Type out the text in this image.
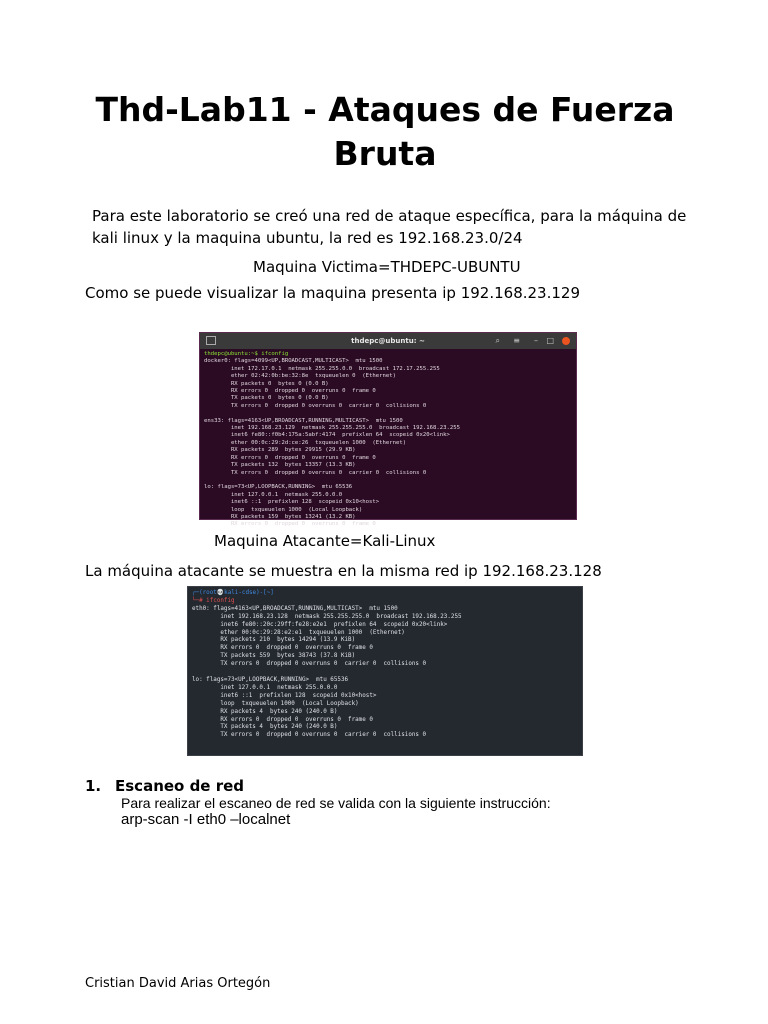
Thd-Lab11 - Ataques de Fuerza Bruta
Para este laboratorio se creó una red de ataque específica, para la máquina de kali linux y la maquina ubuntu, la red es 192.168.23.0/24
Maquina Victima=THDEPC-UBUNTU
Como se puede visualizar la maquina presenta ip 192.168.23.129
thdepc@ubuntu: ~	⌕ ≡ – □
thdepc@ubuntu:~$ ifconfig
docker0: flags=4099<UP,BROADCAST,MULTICAST>  mtu 1500
inet 172.17.0.1  netmask 255.255.0.0  broadcast 172.17.255.255
ether 02:42:0b:be:32:8e  txqueuelen 0  (Ethernet)
RX packets 0  bytes 0 (0.0 B)
RX errors 0  dropped 0  overruns 0  frame 0
TX packets 0  bytes 0 (0.0 B)
TX errors 0  dropped 0 overruns 0  carrier 0  collisions 0

ens33: flags=4163<UP,BROADCAST,RUNNING,MULTICAST>  mtu 1500
inet 192.168.23.129  netmask 255.255.255.0  broadcast 192.168.23.255
inet6 fe80::f0b4:175a:5abf:4174  prefixlen 64  scopeid 0x20<link>
ether 00:0c:29:2d:ce:26  txqueuelen 1000  (Ethernet)
RX packets 289  bytes 29915 (29.9 KB)
RX errors 0  dropped 0  overruns 0  frame 0
TX packets 132  bytes 13357 (13.3 KB)
TX errors 0  dropped 0 overruns 0  carrier 0  collisions 0

lo: flags=73<UP,LOOPBACK,RUNNING>  mtu 65536
inet 127.0.0.1  netmask 255.0.0.0
inet6 ::1  prefixlen 128  scopeid 0x10<host>
loop  txqueuelen 1000  (Local Loopback)
RX packets 159  bytes 13241 (13.2 KB)
RX errors 0  dropped 0  overruns 0  frame 0
Maquina Atacante=Kali-Linux
La máquina atacante se muestra en la misma red ip 192.168.23.128
┌─(root💀kali-cdse)-[~]
└─# ifconfig
eth0: flags=4163<UP,BROADCAST,RUNNING,MULTICAST>  mtu 1500
inet 192.168.23.128  netmask 255.255.255.0  broadcast 192.168.23.255
inet6 fe80::20c:29ff:fe28:e2e1  prefixlen 64  scopeid 0x20<link>
ether 00:0c:29:28:e2:e1  txqueuelen 1000  (Ethernet)
RX packets 210  bytes 14294 (13.9 KiB)
RX errors 0  dropped 0  overruns 0  frame 0
TX packets 559  bytes 38743 (37.8 KiB)
TX errors 0  dropped 0 overruns 0  carrier 0  collisions 0

lo: flags=73<UP,LOOPBACK,RUNNING>  mtu 65536
inet 127.0.0.1  netmask 255.0.0.0
inet6 ::1  prefixlen 128  scopeid 0x10<host>
loop  txqueuelen 1000  (Local Loopback)
RX packets 4  bytes 240 (240.0 B)
RX errors 0  dropped 0  overruns 0  frame 0
TX packets 4  bytes 240 (240.0 B)
TX errors 0  dropped 0 overruns 0  carrier 0  collisions 0
1. Escaneo de red
Para realizar el escaneo de red se valida con la siguiente instrucción:
arp-scan -I eth0 –localnet
Cristian David Arias Ortegón
